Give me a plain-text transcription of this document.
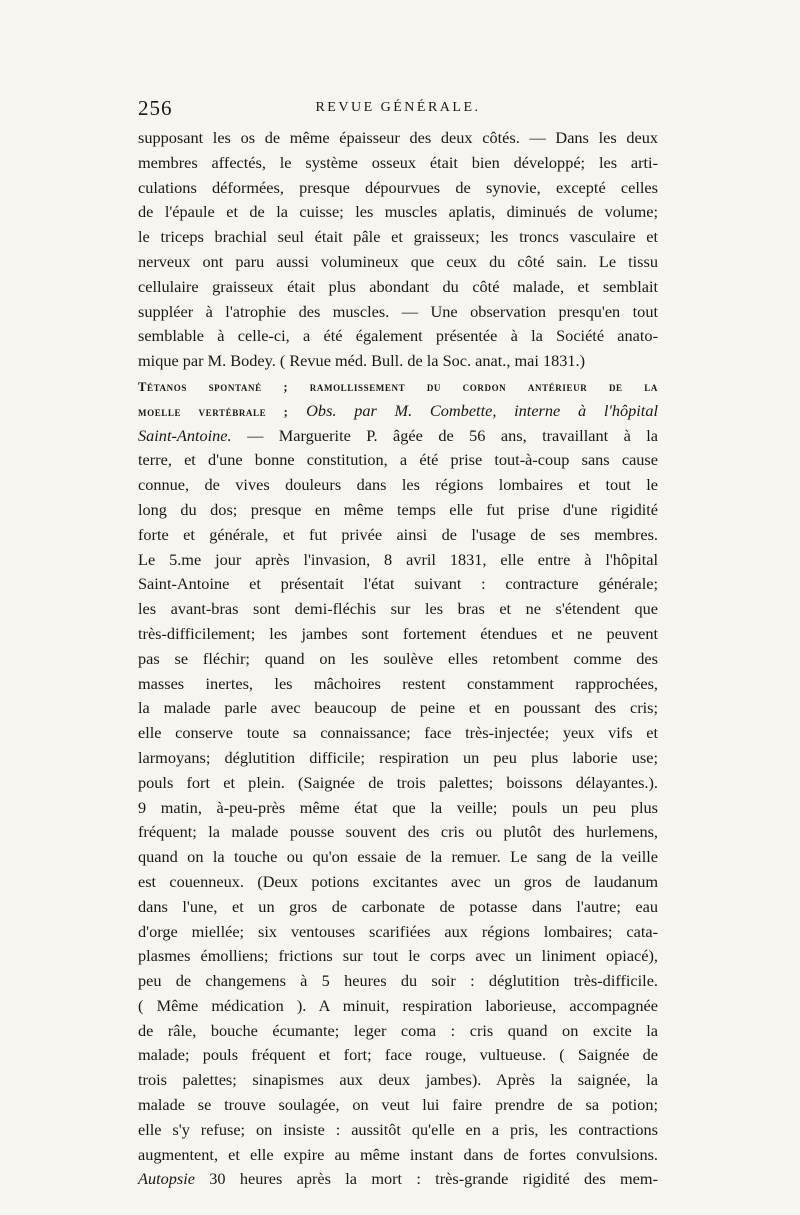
256	REVUE GÉNÉRALE.
supposant les os de même épaisseur des deux côtés. — Dans les deux
membres affectés, le système osseux était bien développé; les arti-
culations déformées, presque dépourvues de synovie, excepté celles
de l'épaule et de la cuisse; les muscles aplatis, diminués de volume;
le triceps brachial seul était pâle et graisseux; les troncs vasculaire et
nerveux ont paru aussi volumineux que ceux du côté sain. Le tissu
cellulaire graisseux était plus abondant du côté malade, et semblait
suppléer à l'atrophie des muscles. — Une observation presqu'en tout
semblable à celle-ci, a été également présentée à la Société anato-
mique par M. Bodey. ( Revue méd. Bull. de la Soc. anat., mai 1831.)
Tétanos spontané ; ramollissement du cordon antérieur de la
moelle vertébrale ; Obs. par M. Combette, interne à l'hôpital
Saint-Antoine. — Marguerite P. âgée de 56 ans, travaillant à la
terre, et d'une bonne constitution, a été prise tout-à-coup sans cause
connue, de vives douleurs dans les régions lombaires et tout le
long du dos; presque en même temps elle fut prise d'une rigidité
forte et générale, et fut privée ainsi de l'usage de ses membres.
Le 5.me jour après l'invasion, 8 avril 1831, elle entre à l'hôpital
Saint-Antoine et présentait l'état suivant : contracture générale;
les avant-bras sont demi-fléchis sur les bras et ne s'étendent que
très-difficilement; les jambes sont fortement étendues et ne peuvent
pas se fléchir; quand on les soulève elles retombent comme des
masses inertes, les mâchoires restent constamment rapprochées,
la malade parle avec beaucoup de peine et en poussant des cris;
elle conserve toute sa connaissance; face très-injectée; yeux vifs et
larmoyans; déglutition difficile; respiration un peu plus laborie use;
pouls fort et plein. (Saignée de trois palettes; boissons délayantes.).
9 matin, à-peu-près même état que la veille; pouls un peu plus
fréquent; la malade pousse souvent des cris ou plutôt des hurlemens,
quand on la touche ou qu'on essaie de la remuer. Le sang de la veille
est couenneux. (Deux potions excitantes avec un gros de laudanum
dans l'une, et un gros de carbonate de potasse dans l'autre; eau
d'orge miellée; six ventouses scarifiées aux régions lombaires; cata-
plasmes émolliens; frictions sur tout le corps avec un liniment opiacé),
peu de changemens à 5 heures du soir : déglutition très-difficile.
( Même médication ). A minuit, respiration laborieuse, accompagnée
de râle, bouche écumante; leger coma : cris quand on excite la
malade; pouls fréquent et fort; face rouge, vultueuse. ( Saignée de
trois palettes; sinapismes aux deux jambes). Après la saignée, la
malade se trouve soulagée, on veut lui faire prendre de sa potion;
elle s'y refuse; on insiste : aussitôt qu'elle en a pris, les contractions
augmentent, et elle expire au même instant dans de fortes convulsions.
Autopsie 30 heures après la mort : très-grande rigidité des mem-
